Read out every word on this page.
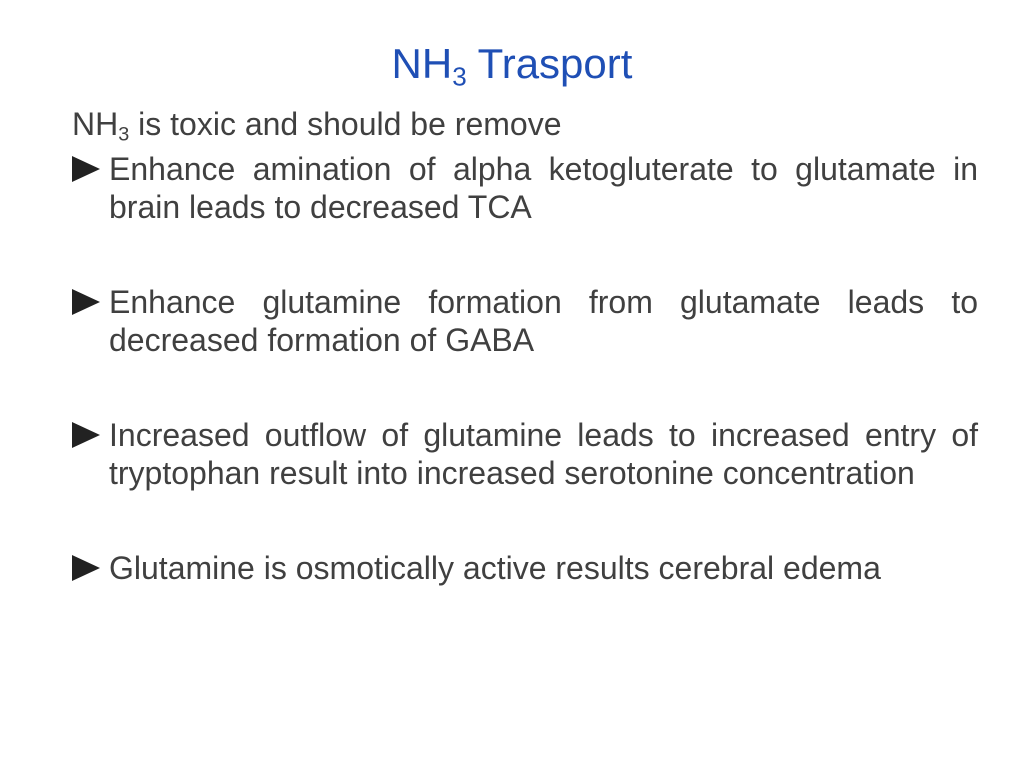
$NH_3$ Trasport

$NH_3$ is toxic and should be remove

Enhance amination of alpha ketogluterate to glutamate in brain leads to decreased TCA
Enhance glutamine formation from glutamate leads to decreased formation of GABA
Increased outflow of glutamine leads to increased entry of tryptophan result into increased serotonine concentration
Glutamine is osmotically active results cerebral edema
